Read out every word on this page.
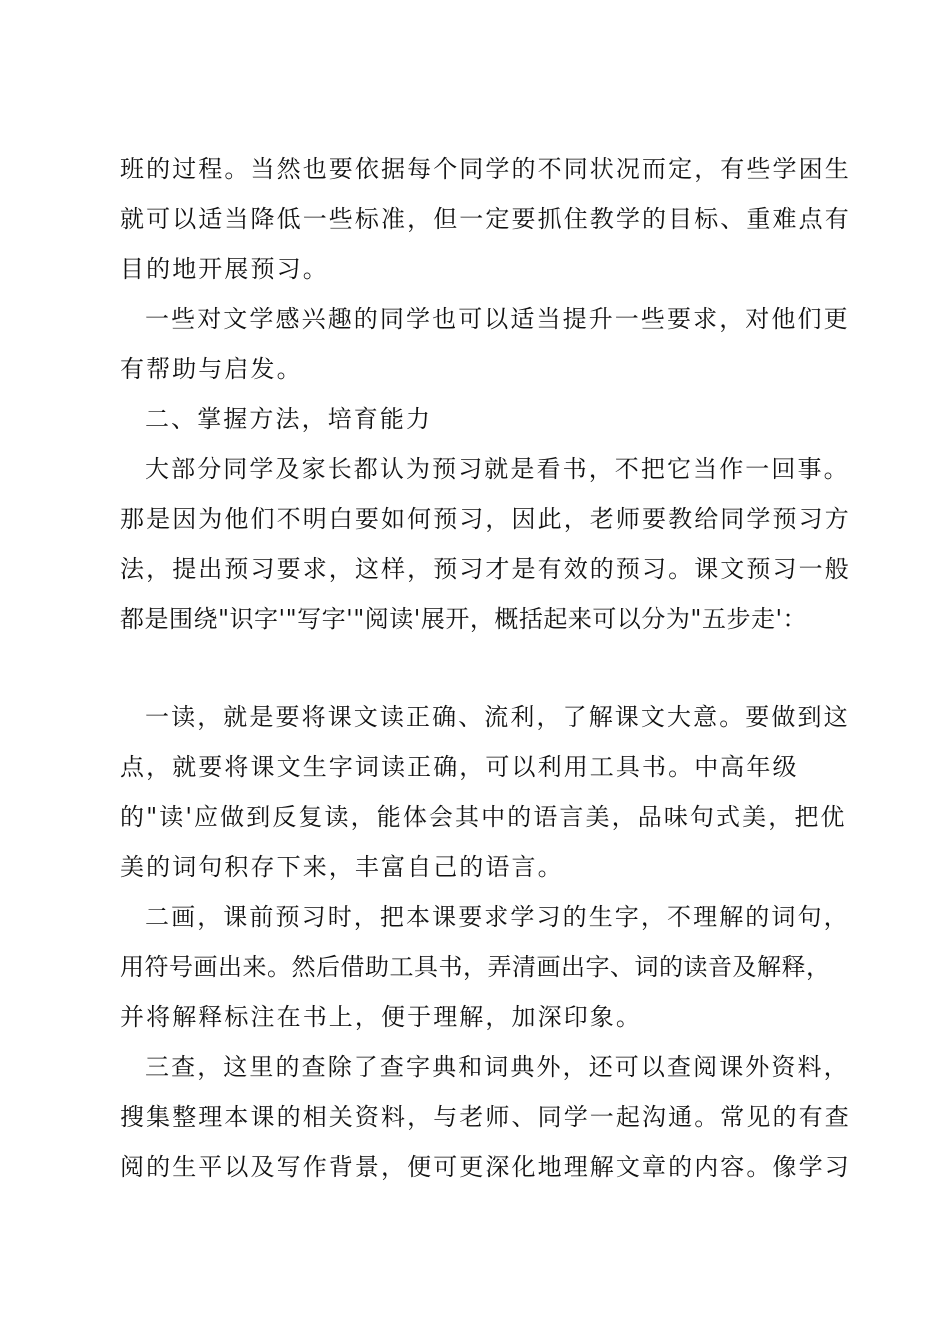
班的过程。当然也要依据每个同学的不同状况而定，有些学困生
就可以适当降低一些标准，但一定要抓住教学的目标、重难点有
目的地开展预习。
一些对文学感兴趣的同学也可以适当提升一些要求，对他们更
有帮助与启发。
二、掌握方法，培育能力
大部分同学及家长都认为预习就是看书，不把它当作一回事。
那是因为他们不明白要如何预习，因此，老师要教给同学预习方
法，提出预习要求，这样，预习才是有效的预习。课文预习一般
都是围绕"识字'"写字'"阅读'展开，概括起来可以分为"五步走'：
一读，就是要将课文读正确、流利，了解课文大意。要做到这
点，就要将课文生字词读正确，可以利用工具书。中高年级
的"读'应做到反复读，能体会其中的语言美，品味句式美，把优
美的词句积存下来，丰富自己的语言。
二画，课前预习时，把本课要求学习的生字，不理解的词句，
用符号画出来。然后借助工具书，弄清画出字、词的读音及解释，
并将解释标注在书上，便于理解，加深印象。
三查，这里的查除了查字典和词典外，还可以查阅课外资料，
搜集整理本课的相关资料，与老师、同学一起沟通。常见的有查
阅的生平以及写作背景，便可更深化地理解文章的内容。像学习
